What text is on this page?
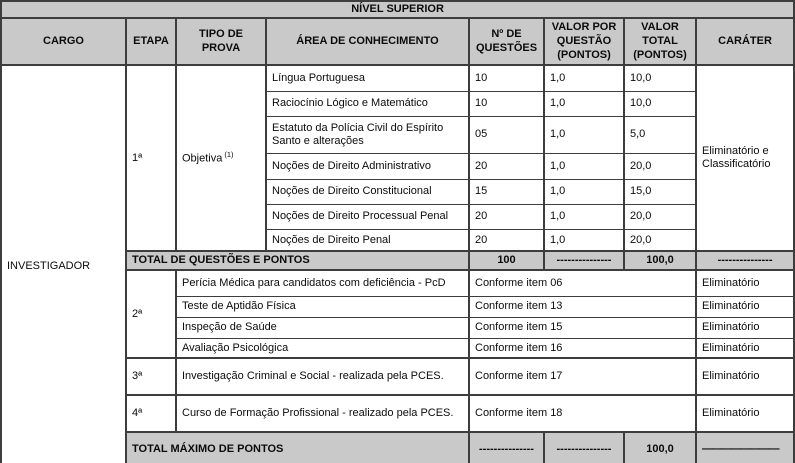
NÍVEL SUPERIOR							
CARGO	ETAPA	TIPO DE PROVA	ÁREA DE CONHECIMENTO	Nº DE QUESTÕES	VALOR POR QUESTÃO (PONTOS)	VALOR TOTAL (PONTOS)	CARÁTER
INVESTIGADOR	1ª	Objetiva $^{(1)}$	Língua Portuguesa	10	1,0	10,0	Eliminatório e Classificatório
			Raciocínio Lógico e Matemático	10	1,0	10,0	
			Estatuto da Polícia Civil do Espírito Santo e alterações	05	1,0	5,0	
			Noções de Direito Administrativo	20	1,0	20,0	
			Noções de Direito Constitucional	15	1,0	15,0	
			Noções de Direito Processual Penal	20	1,0	20,0	
			Noções de Direito Penal	20	1,0	20,0	
	TOTAL DE QUESTÕES E PONTOS			100	---------------	100,0	---------------
	2ª	Perícia Médica para candidatos com deficiência - PcD		Conforme item 06			Eliminatório
		Teste de Aptidão Física		Conforme item 13			Eliminatório
		Inspeção de Saúde		Conforme item 15			Eliminatório
		Avaliação Psicológica		Conforme item 16			Eliminatório
	3ª	Investigação Criminal e Social - realizada pela PCES.		Conforme item 17			Eliminatório
	4ª	Curso de Formação Profissional - realizado pela PCES.		Conforme item 18			Eliminatório
	TOTAL MÁXIMO DE PONTOS			---------------	---------------	100,0	————————
